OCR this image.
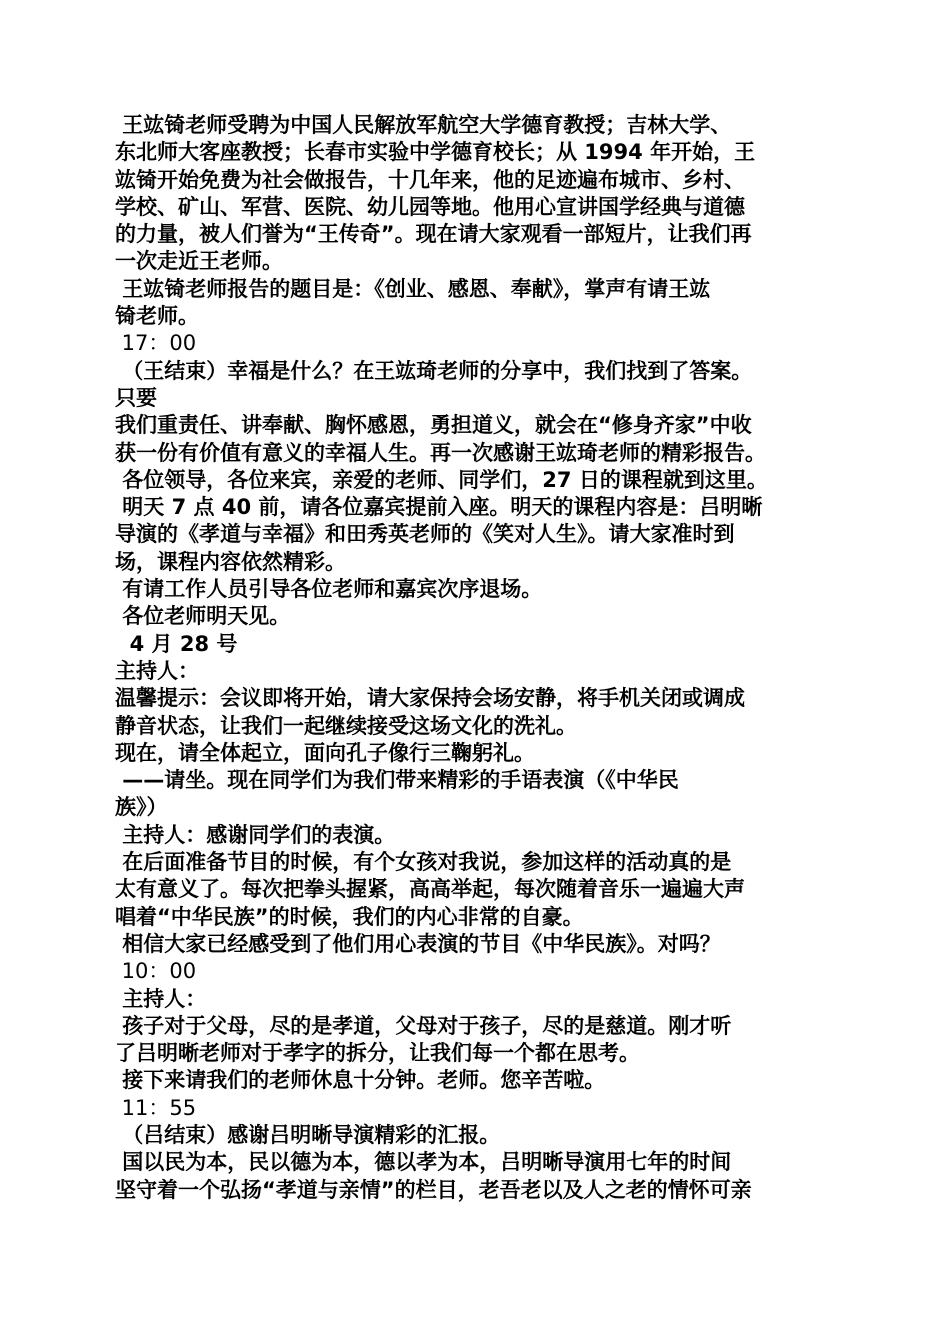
王竑锜老师受聘为中国人民解放军航空大学德育教授；吉林大学、
东北师大客座教授；长春市实验中学德育校长；从 1994 年开始，王
竑锜开始免费为社会做报告，十几年来，他的足迹遍布城市、乡村、
学校、矿山、军营、医院、幼儿园等地。他用心宣讲国学经典与道德
的力量，被人们誉为“王传奇”。现在请大家观看一部短片，让我们再
一次走近王老师。
王竑锜老师报告的题目是：《创业、感恩、奉献》，掌声有请王竑
锜老师。
17：00
（王结束）幸福是什么？在王竑琦老师的分享中，我们找到了答案。
只要
我们重责任、讲奉献、胸怀感恩，勇担道义，就会在“修身齐家”中收
获一份有价值有意义的幸福人生。再一次感谢王竑琦老师的精彩报告。
各位领导，各位来宾，亲爱的老师、同学们，27 日的课程就到这里。
明天 7 点 40 前，请各位嘉宾提前入座。明天的课程内容是：吕明晰
导演的《孝道与幸福》和田秀英老师的《笑对人生》。请大家准时到
场，课程内容依然精彩。
有请工作人员引导各位老师和嘉宾次序退场。
各位老师明天见。
4 月 28 号
主持人：
温馨提示：会议即将开始，请大家保持会场安静，将手机关闭或调成
静音状态，让我们一起继续接受这场文化的洗礼。
现在，请全体起立，面向孔子像行三鞠躬礼。
——请坐。现在同学们为我们带来精彩的手语表演（《中华民
族》）
主持人：感谢同学们的表演。
在后面准备节目的时候，有个女孩对我说，参加这样的活动真的是
太有意义了。每次把拳头握紧，高高举起，每次随着音乐一遍遍大声
唱着“中华民族”的时候，我们的内心非常的自豪。
相信大家已经感受到了他们用心表演的节目《中华民族》。对吗？
10：00
主持人：
孩子对于父母，尽的是孝道，父母对于孩子，尽的是慈道。刚才听
了吕明晰老师对于孝字的拆分，让我们每一个都在思考。
接下来请我们的老师休息十分钟。老师。您辛苦啦。
11：55
（吕结束）感谢吕明晰导演精彩的汇报。
国以民为本，民以德为本，德以孝为本，吕明晰导演用七年的时间
坚守着一个弘扬“孝道与亲情”的栏目，老吾老以及人之老的情怀可亲
